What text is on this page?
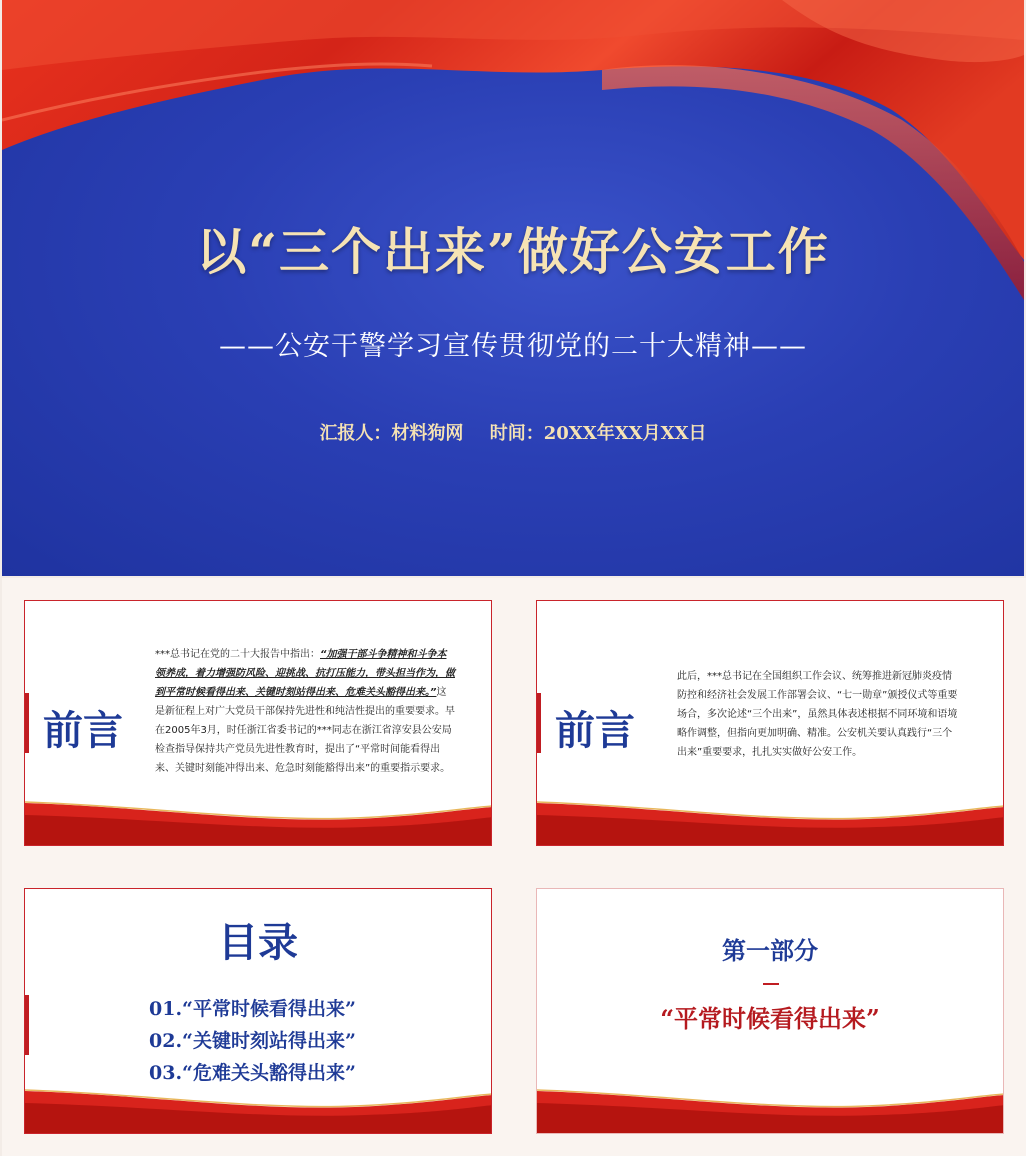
以“三个出来”做好公安工作
——公安干警学习宣传贯彻党的二十大精神——
汇报人：材料狗网 时间：20XX年XX月XX日
前言
***总书记在党的二十大报告中指出：“加强干部斗争精神和斗争本领养成，着力增强防风险、迎挑战、抗打压能力，带头担当作为，做到平常时候看得出来、关键时刻站得出来、危难关头豁得出来。”这是新征程上对广大党员干部保持先进性和纯洁性提出的重要要求。早在2005年3月，时任浙江省委书记的***同志在浙江省淳安县公安局检查指导保持共产党员先进性教育时，提出了“平常时间能看得出来、关键时刻能冲得出来、危急时刻能豁得出来”的重要指示要求。
前言
此后，***总书记在全国组织工作会议、统筹推进新冠肺炎疫情防控和经济社会发展工作部署会议、“七一勋章”颁授仪式等重要场合，多次论述“三个出来”，虽然具体表述根据不同环境和语境略作调整，但指向更加明确、精准。公安机关要认真践行“三个出来”重要要求，扎扎实实做好公安工作。
目录
01.“平常时候看得出来”
02.“关键时刻站得出来”
03.“危难关头豁得出来”
第一部分
“平常时候看得出来”
